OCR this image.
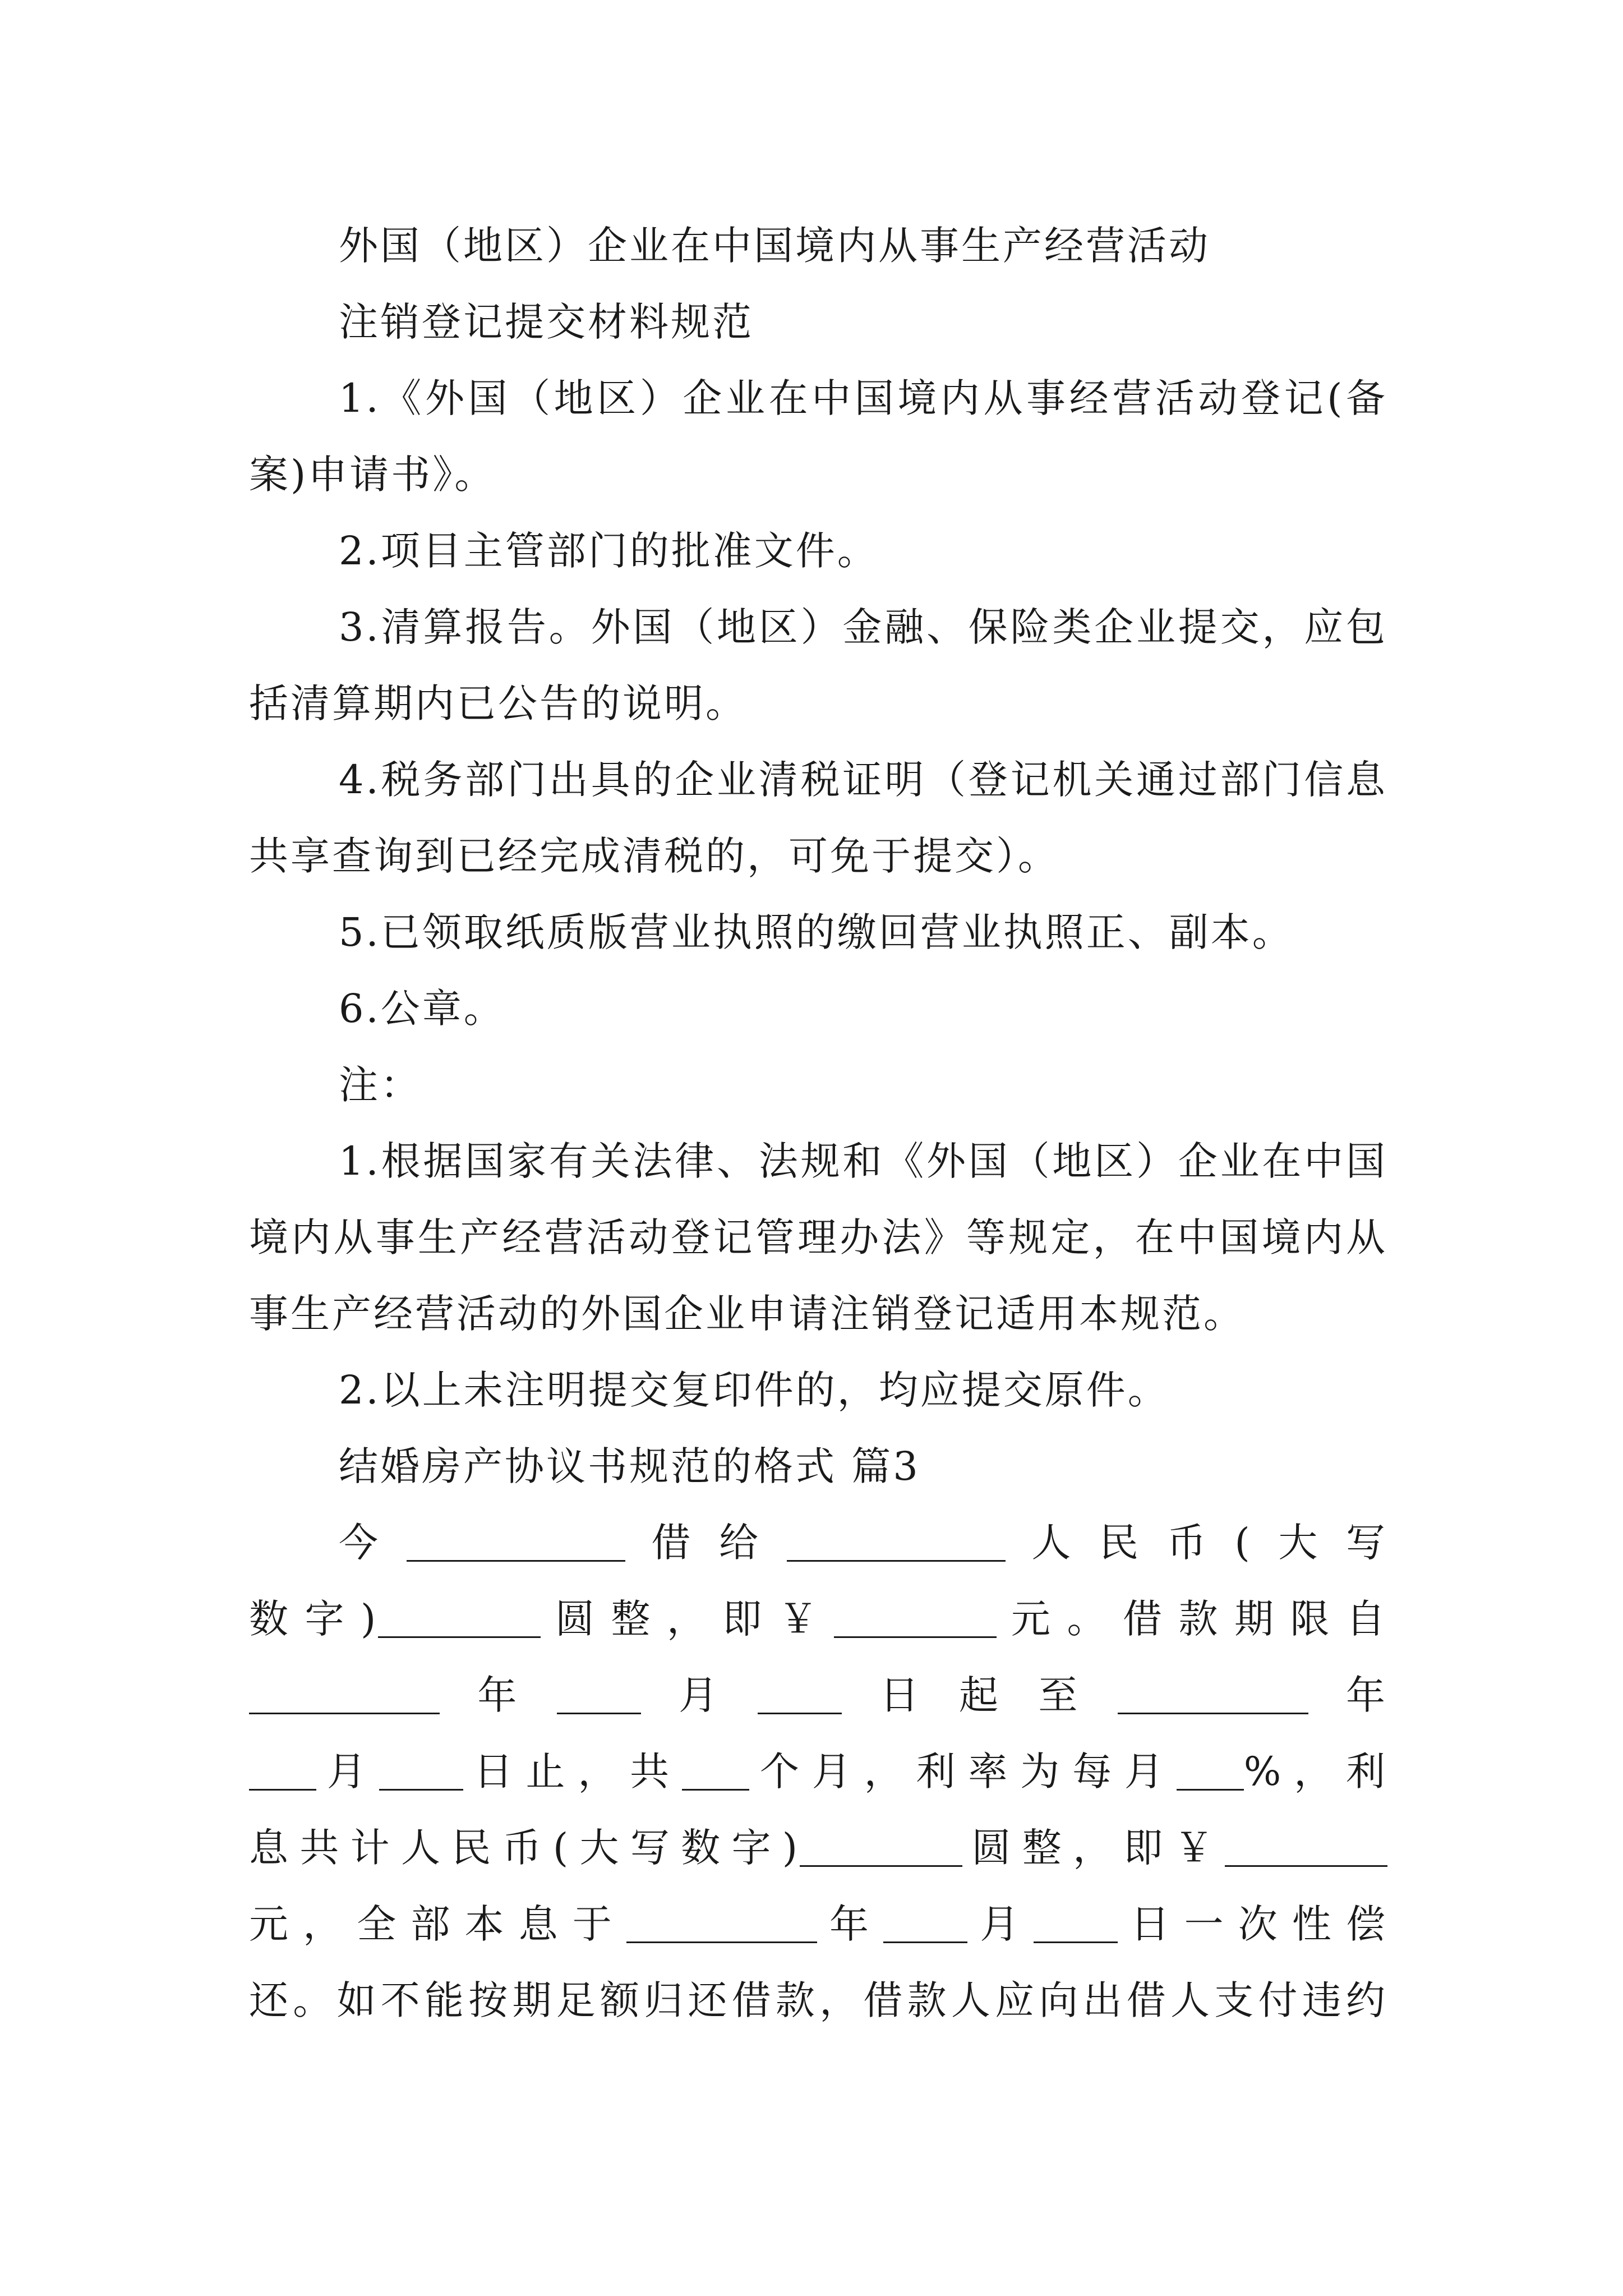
外国（地区）企业在中国境内从事生产经营活动

注销登记提交材料规范

1.《外国（地区）企业在中国境内从事经营活动登记(备案)申请书》。

2.项目主管部门的批准文件。

3.清算报告。外国（地区）金融、保险类企业提交，应包括清算期内已公告的说明。

4.税务部门出具的企业清税证明（登记机关通过部门信息共享查询到已经完成清税的，可免于提交）。

5.已领取纸质版营业执照的缴回营业执照正、副本。

6.公章。

注：

1.根据国家有关法律、法规和《外国（地区）企业在中国境内从事生产经营活动登记管理办法》等规定，在中国境内从事生产经营活动的外国企业申请注销登记适用本规范。

2.以上未注明提交复印件的，均应提交原件。

结婚房产协议书规范的格式 篇3

今	借给	人民币(大写

数字)	圆整，即￥	元。借款期限自

年 月 日起至	年

月 日止，共 个月，利率为每月 %，利

息共计人民币(大写数字)	圆整，即￥

元，全部本息于	年 月 日一次性偿

还。如不能按期足额归还借款，借款人应向出借人支付违约
